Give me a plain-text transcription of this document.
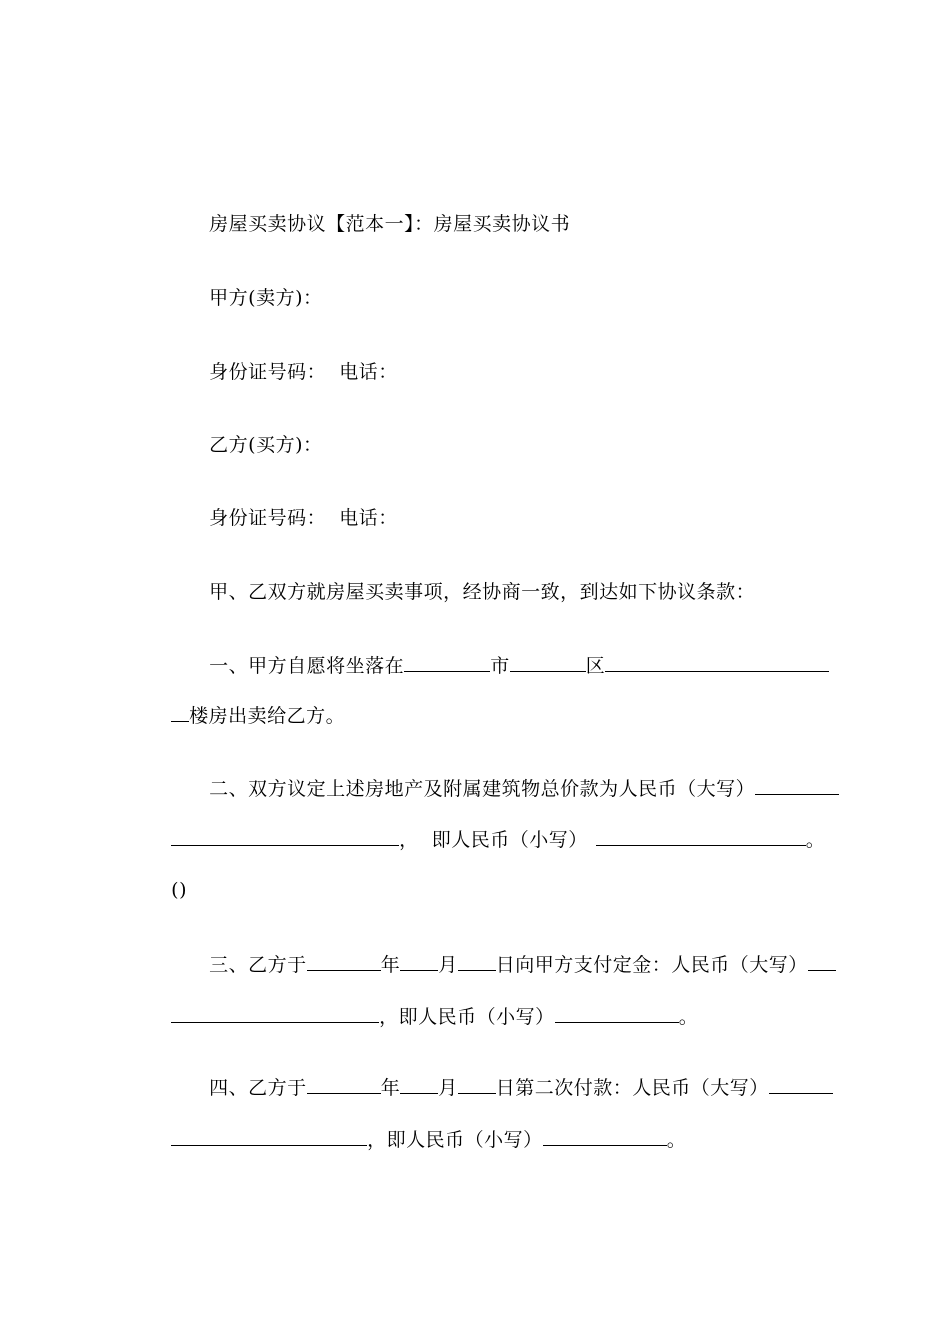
房屋买卖协议【范本一】：房屋买卖协议书

甲方(卖方)：

身份证号码：  电话：

乙方(买方)：

身份证号码：  电话：

甲、乙双方就房屋买卖事项，经协商一致，到达如下协议条款：

一、甲方自愿将坐落在	市	区

楼房出卖给乙方。

二、双方议定上述房地产及附属建筑物总价款为人民币（大写）

，  即人民币（小写）	。

()

三、乙方于	年 月 日向甲方支付定金：人民币（大写）

，即人民币（小写）	。

四、乙方于	年 月 日第二次付款：人民币（大写）

，即人民币（小写）	。
